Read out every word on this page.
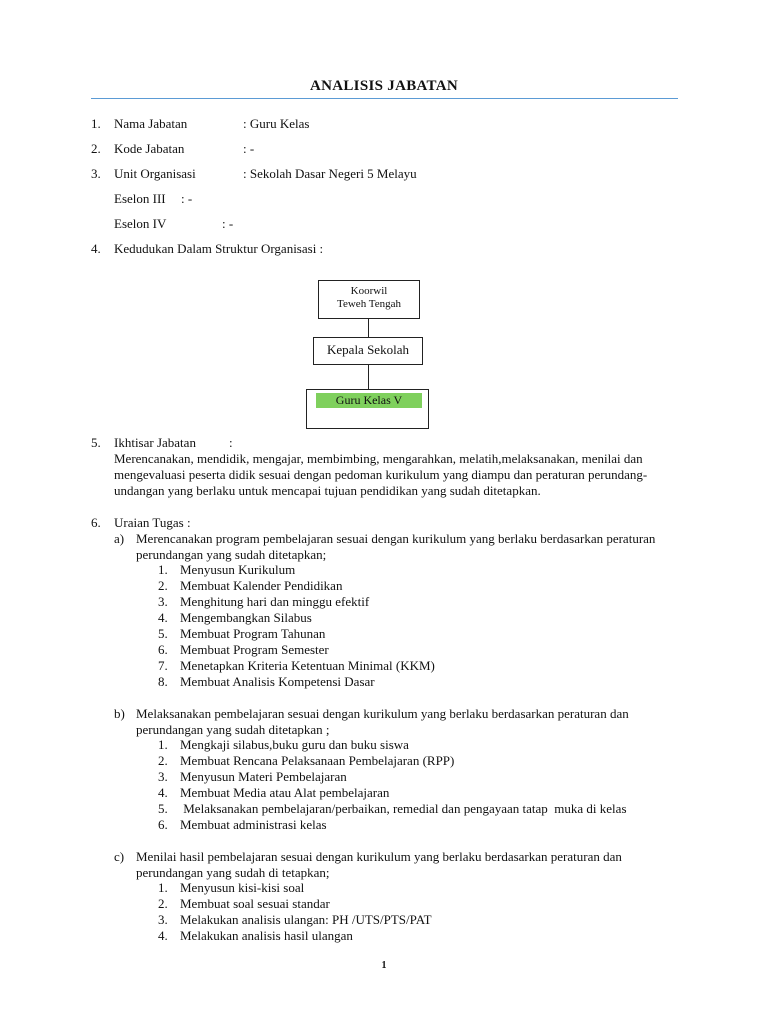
ANALISIS JABATAN
1. Nama Jabatan	: Guru Kelas
2. Kode Jabatan	: -
3. Unit Organisasi	: Sekolah Dasar Negeri 5 Melayu
Eselon III : -
Eselon IV	: -
4. Kedudukan Dalam Struktur Organisasi :
Koorwil
Teweh Tengah
Kepala Sekolah
Guru Kelas V
5. Ikhtisar Jabatan	:
Merencanakan, mendidik, mengajar, membimbing, mengarahkan, melatih,melaksanakan, menilai dan mengevaluasi peserta didik sesuai dengan pedoman kurikulum yang diampu dan peraturan perundang-undangan yang berlaku untuk mencapai tujuan pendidikan yang sudah ditetapkan.
6. Uraian Tugas :
a) Merencanakan program pembelajaran sesuai dengan kurikulum yang berlaku berdasarkan peraturan perundangan yang sudah ditetapkan;
1. Menyusun Kurikulum
2. Membuat Kalender Pendidikan
3. Menghitung hari dan minggu efektif
4. Mengembangkan Silabus
5. Membuat Program Tahunan
6. Membuat Program Semester
7. Menetapkan Kriteria Ketentuan Minimal (KKM)
8. Membuat Analisis Kompetensi Dasar
b) Melaksanakan pembelajaran sesuai dengan kurikulum yang berlaku berdasarkan peraturan dan perundangan yang sudah ditetapkan ;
1. Mengkaji silabus,buku guru dan buku siswa
2. Membuat Rencana Pelaksanaan Pembelajaran (RPP)
3. Menyusun Materi Pembelajaran
4. Membuat Media atau Alat pembelajaran
5. Melaksanakan pembelajaran/perbaikan, remedial dan pengayaan tatap  muka di kelas
6. Membuat administrasi kelas
c) Menilai hasil pembelajaran sesuai dengan kurikulum yang berlaku berdasarkan peraturan dan perundangan yang sudah di tetapkan;
1. Menyusun kisi-kisi soal
2. Membuat soal sesuai standar
3. Melakukan analisis ulangan: PH /UTS/PTS/PAT
4. Melakukan analisis hasil ulangan
1
